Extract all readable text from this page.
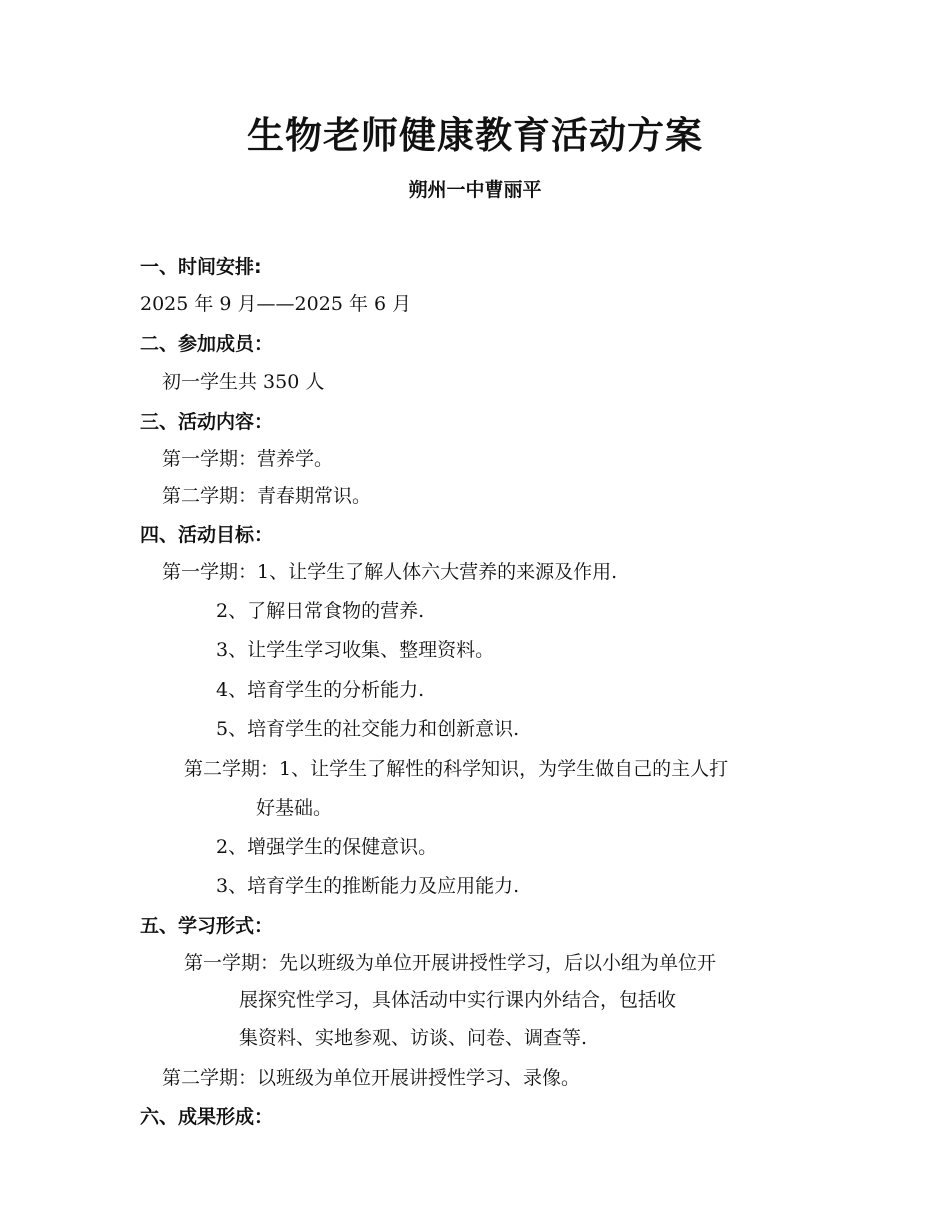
生物老师健康教育活动方案
朔州一中曹丽平
一、时间安排:
2025 年 9 月——2025 年 6 月
二、参加成员：
初一学生共 350 人
三、活动内容：
第一学期：营养学。
第二学期：青春期常识。
四、活动目标：
第一学期：1、让学生了解人体六大营养的来源及作用.
2、了解日常食物的营养.
3、让学生学习收集、整理资料。
4、培育学生的分析能力.
5、培育学生的社交能力和创新意识.
第二学期：1、让学生了解性的科学知识，为学生做自己的主人打
好基础。
2、增强学生的保健意识。
3、培育学生的推断能力及应用能力.
五、学习形式：
第一学期：先以班级为单位开展讲授性学习，后以小组为单位开
展探究性学习，具体活动中实行课内外结合，包括收
集资料、实地参观、访谈、问卷、调查等.
第二学期：以班级为单位开展讲授性学习、录像。
六、成果形成：
